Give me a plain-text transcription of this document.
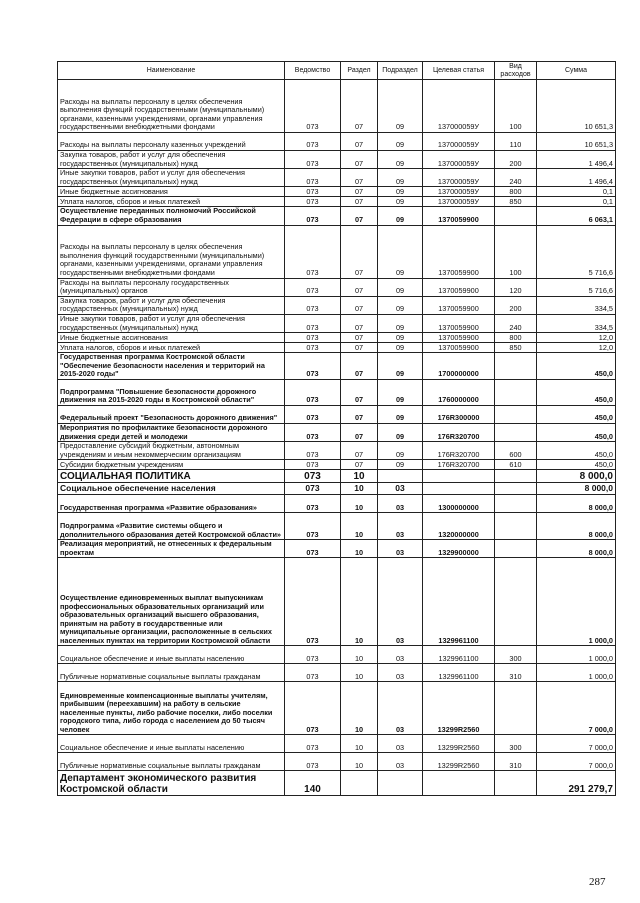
Наименование	Ведомство	Раздел	Подраздел	Целевая статья	Вид расходов	Сумма
Расходы на выплаты персоналу в целях обеспечения выполнения функций государственными (муниципальными) органами, казенными учреждениями, органами управления государственными внебюджетными фондами	073	07	09	137000059У	100	10 651,3
Расходы на выплаты персоналу казенных учреждений	073	07	09	137000059У	110	10 651,3
Закупка товаров, работ и услуг для обеспечения государственных (муниципальных) нужд	073	07	09	137000059У	200	1 496,4
Иные закупки товаров, работ и услуг для обеспечения государственных (муниципальных) нужд	073	07	09	137000059У	240	1 496,4
Иные бюджетные ассигнования	073	07	09	137000059У	800	0,1
Уплата налогов, сборов и иных платежей	073	07	09	137000059У	850	0,1
Осуществление переданных полномочий Российской Федерации в сфере образования	073	07	09	1370059900		6 063,1
Расходы на выплаты персоналу в целях обеспечения выполнения функций государственными (муниципальными) органами, казенными учреждениями, органами управления государственными внебюджетными фондами	073	07	09	1370059900	100	5 716,6
Расходы на выплаты персоналу государственных (муниципальных) органов	073	07	09	1370059900	120	5 716,6
Закупка товаров, работ и услуг для обеспечения государственных (муниципальных) нужд	073	07	09	1370059900	200	334,5
Иные закупки товаров, работ и услуг для обеспечения государственных (муниципальных) нужд	073	07	09	1370059900	240	334,5
Иные бюджетные ассигнования	073	07	09	1370059900	800	12,0
Уплата налогов, сборов и иных платежей	073	07	09	1370059900	850	12,0
Государственная программа Костромской области "Обеспечение безопасности населения и территорий на 2015-2020 годы"	073	07	09	1700000000		450,0
Подпрограмма "Повышение безопасности дорожного движения на 2015-2020 годы в Костромской области"	073	07	09	1760000000		450,0
Федеральный проект "Безопасность дорожного движения"	073	07	09	176R300000		450,0
Мероприятия по профилактике безопасности дорожного движения среди детей и молодежи	073	07	09	176R320700		450,0
Предоставление субсидий бюджетным, автономным учреждениям и иным некоммерческим организациям	073	07	09	176R320700	600	450,0
Субсидии бюджетным учреждениям	073	07	09	176R320700	610	450,0
СОЦИАЛЬНАЯ ПОЛИТИКА	073	10				8 000,0
Социальное обеспечение населения	073	10	03			8 000,0
Государственная программа «Развитие образования»	073	10	03	1300000000		8 000,0
Подпрограмма «Развитие системы общего и дополнительного образования детей Костромской области»	073	10	03	1320000000		8 000,0
Реализация мероприятий, не отнесенных к федеральным проектам	073	10	03	1329900000		8 000,0
Осуществление единовременных выплат выпускникам профессиональных образовательных организаций или образовательных организаций высшего образования, принятым на работу в государственные или муниципальные организации, расположенные в сельских населенных пунктах на территории Костромской области	073	10	03	1329961100		1 000,0
Социальное обеспечение и иные выплаты населению	073	10	03	1329961100	300	1 000,0
Публичные нормативные социальные выплаты гражданам	073	10	03	1329961100	310	1 000,0
Единовременные компенсационные выплаты учителям, прибывшим (переехавшим) на работу в сельские населенные пункты, либо рабочие поселки, либо поселки городского типа, либо города с населением до 50 тысяч человек	073	10	03	13299R2560		7 000,0
Социальное обеспечение и иные выплаты населению	073	10	03	13299R2560	300	7 000,0
Публичные нормативные социальные выплаты гражданам	073	10	03	13299R2560	310	7 000,0
Департамент экономического развития Костромской области	140					291 279,7
287
